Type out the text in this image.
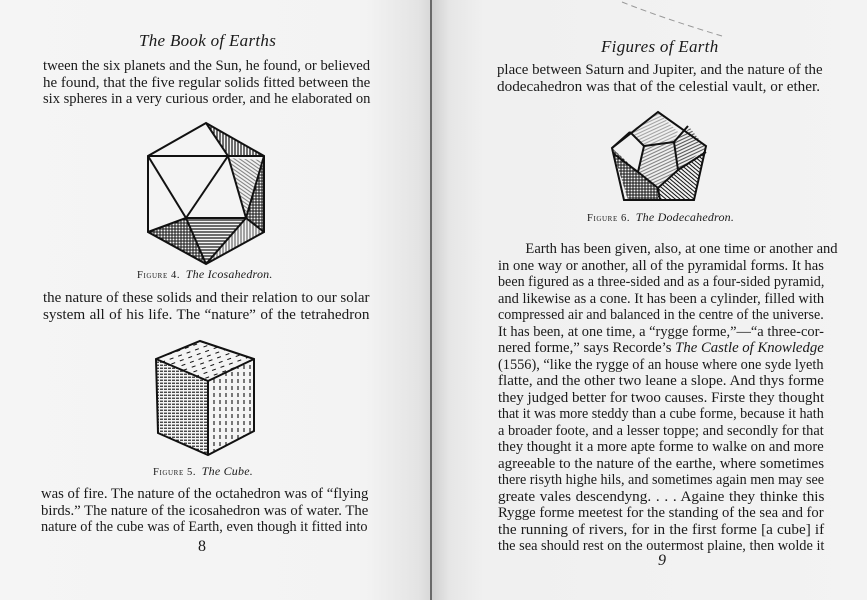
The Book of Earths
tween the six planets and the Sun, he found, or believed
he found, that the five regular solids fitted between the
six spheres in a very curious order, and he elaborated on
Figure 4. The Icosahedron.
the nature of these solids and their relation to our solar
system all of his life. The “nature” of the tetrahedron
Figure 5. The Cube.
was of fire. The nature of the octahedron was of “flying
birds.” The nature of the icosahedron was of water. The
nature of the cube was of Earth, even though it fitted into
8
Figures of Earth
place between Saturn and Jupiter, and the nature of the
dodecahedron was that of the celestial vault, or ether.
Figure 6. The Dodecahedron.
Earth has been given, also, at one time or another and
in one way or another, all of the pyramidal forms. It has
been figured as a three-sided and as a four-sided pyramid,
and likewise as a cone. It has been a cylinder, filled with
compressed air and balanced in the centre of the universe.
It has been, at one time, a “rygge forme,”—“a three-cor-
nered forme,” says Recorde’s The Castle of Knowledge
(1556), “like the rygge of an house where one syde lyeth
flatte, and the other two leane a slope. And thys forme
they judged better for twoo causes. Firste they thought
that it was more steddy than a cube forme, because it hath
a broader foote, and a lesser toppe; and secondly for that
they thought it a more apte forme to walke on and more
agreeable to the nature of the earthe, where sometimes
there risyth highe hils, and sometimes again men may see
greate vales descendyng. . . . Againe they thinke this
Rygge forme meetest for the standing of the sea and for
the running of rivers, for in the first forme [a cube] if
the sea should rest on the outermost plaine, then wolde it
9
